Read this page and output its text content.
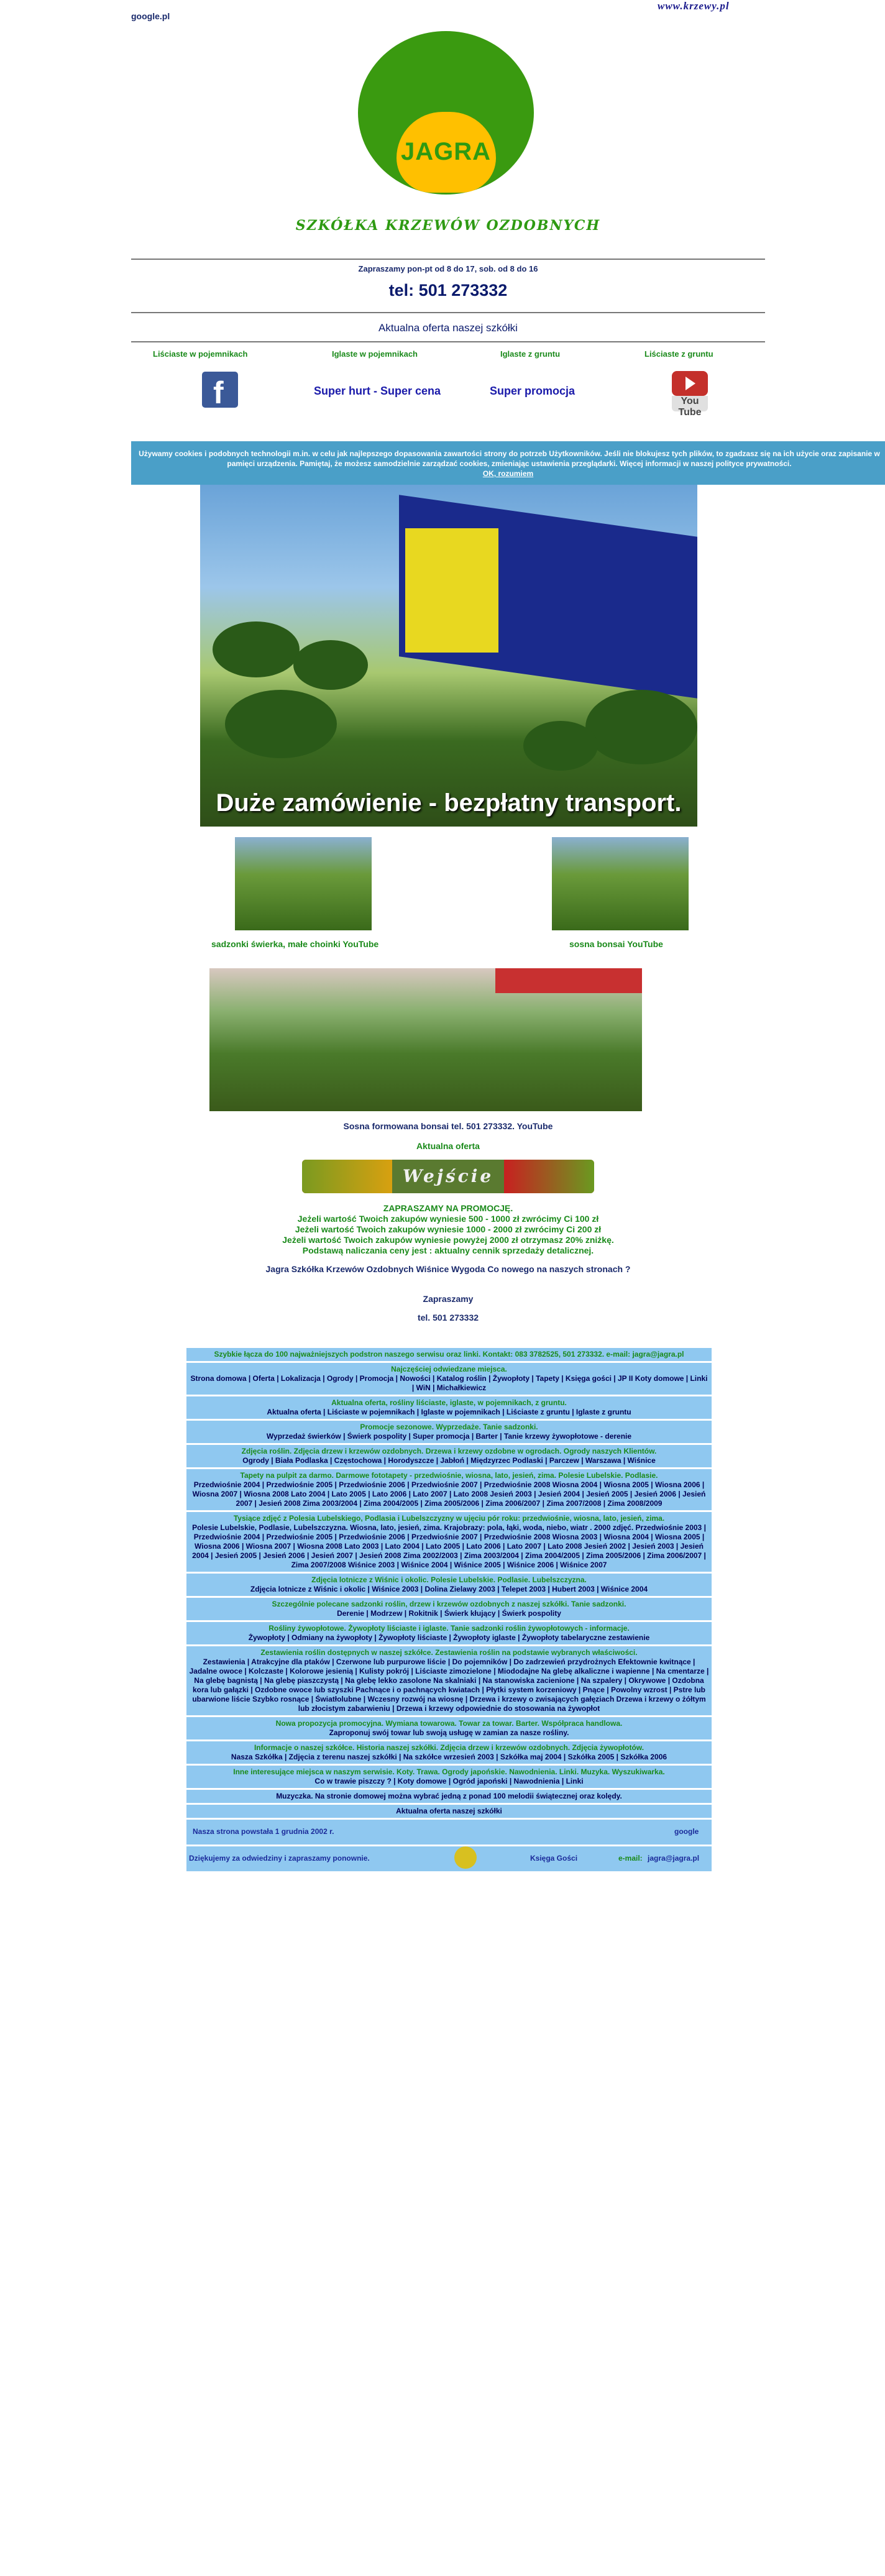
www.krzewy.pl
google.pl
JAGRA
SZKÓŁKA KRZEWÓW OZDOBNYCH
Zapraszamy pon-pt od 8 do 17, sob. od 8 do 16
tel: 501 273332
Aktualna oferta naszej szkółki
Liściaste w pojemnikach	Iglaste w pojemnikach	Iglaste z gruntu	Liściaste z gruntu
f	Super hurt - Super cena	Super promocja
You Tube
Używamy cookies i podobnych technologii m.in. w celu jak najlepszego dopasowania zawartości strony do potrzeb Użytkowników. Jeśli nie blokujesz tych plików, to zgadzasz się na ich użycie oraz zapisanie w pamięci urządzenia. Pamiętaj, że możesz samodzielnie zarządzać cookies, zmieniając ustawienia przeglądarki. Więcej informacji w naszej polityce prywatności.
OK, rozumiem
Duże zamówienie - bezpłatny transport.
sadzonki świerka, małe choinki YouTube	sosna bonsai YouTube
Sosna formowana bonsai tel. 501 273332. YouTube
Aktualna oferta
Wejście
ZAPRASZAMY NA PROMOCJĘ.
Jeżeli wartość Twoich zakupów wyniesie 500 - 1000 zł zwrócimy Ci 100 zł
Jeżeli wartość Twoich zakupów wyniesie 1000 - 2000 zł zwrócimy Ci 200 zł
Jeżeli wartość Twoich zakupów wyniesie powyżej 2000 zł otrzymasz 20% zniżkę.
Podstawą naliczania ceny jest : aktualny cennik sprzedaży detalicznej.
Jagra Szkółka Krzewów Ozdobnych Wiśnice Wygoda Co nowego na naszych stronach ?
Zapraszamy
tel. 501 273332
Szybkie łącza do 100 najważniejszych podstron naszego serwisu oraz linki. Kontakt: 083 3782525, 501 273332. e-mail: jagra@jagra.pl
Najczęściej odwiedzane miejsca.
Strona domowa | Oferta | Lokalizacja | Ogrody | Promocja | Nowości | Katalog roślin | Żywopłoty | Tapety | Księga gości | JP II Koty domowe | Linki | WiN | Michałkiewicz
Aktualna oferta, rośliny liściaste, iglaste, w pojemnikach, z gruntu.
Aktualna oferta | Liściaste w pojemnikach | Iglaste w pojemnikach | Liściaste z gruntu | Iglaste z gruntu
Promocje sezonowe. Wyprzedaże. Tanie sadzonki.
Wyprzedaż świerków | Świerk pospolity | Super promocja | Barter | Tanie krzewy żywopłotowe - derenie
Zdjęcia roślin. Zdjęcia drzew i krzewów ozdobnych. Drzewa i krzewy ozdobne w ogrodach. Ogrody naszych Klientów.
Ogrody | Biała Podlaska | Częstochowa | Horodyszcze | Jabłoń | Międzyrzec Podlaski | Parczew | Warszawa | Wiśnice
Tapety na pulpit za darmo. Darmowe fototapety - przedwiośnie, wiosna, lato, jesień, zima. Polesie Lubelskie. Podlasie.
Przedwiośnie 2004 | Przedwiośnie 2005 | Przedwiośnie 2006 | Przedwiośnie 2007 | Przedwiośnie 2008 Wiosna 2004 | Wiosna 2005 | Wiosna 2006 | Wiosna 2007 | Wiosna 2008 Lato 2004 | Lato 2005 | Lato 2006 | Lato 2007 | Lato 2008 Jesień 2003 | Jesień 2004 | Jesień 2005 | Jesień 2006 | Jesień 2007 | Jesień 2008 Zima 2003/2004 | Zima 2004/2005 | Zima 2005/2006 | Zima 2006/2007 | Zima 2007/2008 | Zima 2008/2009
Tysiące zdjęć z Polesia Lubelskiego, Podlasia i Lubelszczyzny w ujęciu pór roku: przedwiośnie, wiosna, lato, jesień, zima.
Polesie Lubelskie, Podlasie, Lubelszczyzna. Wiosna, lato, jesień, zima. Krajobrazy: pola, łąki, woda, niebo, wiatr . 2000 zdjęć. Przedwiośnie 2003 | Przedwiośnie 2004 | Przedwiośnie 2005 | Przedwiośnie 2006 | Przedwiośnie 2007 | Przedwiośnie 2008 Wiosna 2003 | Wiosna 2004 | Wiosna 2005 | Wiosna 2006 | Wiosna 2007 | Wiosna 2008 Lato 2003 | Lato 2004 | Lato 2005 | Lato 2006 | Lato 2007 | Lato 2008 Jesień 2002 | Jesień 2003 | Jesień 2004 | Jesień 2005 | Jesień 2006 | Jesień 2007 | Jesień 2008 Zima 2002/2003 | Zima 2003/2004 | Zima 2004/2005 | Zima 2005/2006 | Zima 2006/2007 | Zima 2007/2008 Wiśnice 2003 | Wiśnice 2004 | Wiśnice 2005 | Wiśnice 2006 | Wiśnice 2007
Zdjęcia lotnicze z Wiśnic i okolic. Polesie Lubelskie. Podlasie. Lubelszczyzna.
Zdjęcia lotnicze z Wiśnic i okolic | Wiśnice 2003 | Dolina Zielawy 2003 | Telepet 2003 | Hubert 2003 | Wiśnice 2004
Szczególnie polecane sadzonki roślin, drzew i krzewów ozdobnych z naszej szkółki. Tanie sadzonki.
Derenie | Modrzew | Rokitnik | Świerk kłujący | Świerk pospolity
Rośliny żywopłotowe. Żywopłoty liściaste i iglaste. Tanie sadzonki roślin żywopłotowych - informacje.
Żywopłoty | Odmiany na żywopłoty | Żywopłoty liściaste | Żywopłoty iglaste | Żywopłoty tabelaryczne zestawienie
Zestawienia roślin dostępnych w naszej szkółce. Zestawienia roślin na podstawie wybranych właściwości.
Zestawienia | Atrakcyjne dla ptaków | Czerwone lub purpurowe liście | Do pojemników | Do zadrzewień przydrożnych Efektownie kwitnące | Jadalne owoce | Kolczaste | Kolorowe jesienią | Kulisty pokrój | Liściaste zimozielone | Miododajne Na glebę alkaliczne i wapienne | Na cmentarze | Na glebę bagnistą | Na glebę piaszczystą | Na glebę lekko zasolone Na skalniaki | Na stanowiska zacienione | Na szpalery | Okrywowe | Ozdobna kora lub gałązki | Ozdobne owoce lub szyszki Pachnące i o pachnących kwiatach | Płytki system korzeniowy | Pnące | Powolny wzrost | Pstre lub ubarwione liście Szybko rosnące | Światłolubne | Wczesny rozwój na wiosnę | Drzewa i krzewy o zwisających gałęziach Drzewa i krzewy o żółtym lub złocistym zabarwieniu | Drzewa i krzewy odpowiednie do stosowania na żywopłot
Nowa propozycja promocyjna. Wymiana towarowa. Towar za towar. Barter. Współpraca handlowa.
Zaproponuj swój towar lub swoją usługę w zamian za nasze rośliny.
Informacje o naszej szkółce. Historia naszej szkółki. Zdjęcia drzew i krzewów ozdobnych. Zdjęcia żywopłotów.
Nasza Szkółka | Zdjęcia z terenu naszej szkółki | Na szkółce wrzesień 2003 | Szkółka maj 2004 | Szkółka 2005 | Szkółka 2006
Inne interesujące miejsca w naszym serwisie. Koty. Trawa. Ogrody japońskie. Nawodnienia. Linki. Muzyka. Wyszukiwarka.
Co w trawie piszczy ? | Koty domowe | Ogród japoński | Nawodnienia | Linki
Muzyczka. Na stronie domowej można wybrać jedną z ponad 100 melodii świątecznej oraz kolędy.
Aktualna oferta naszej szkółki
Nasza strona powstała 1 grudnia 2002 r.	google
Dziękujemy za odwiedziny i zapraszamy ponownie.	Księga Gości	e-mail: jagra@jagra.pl
